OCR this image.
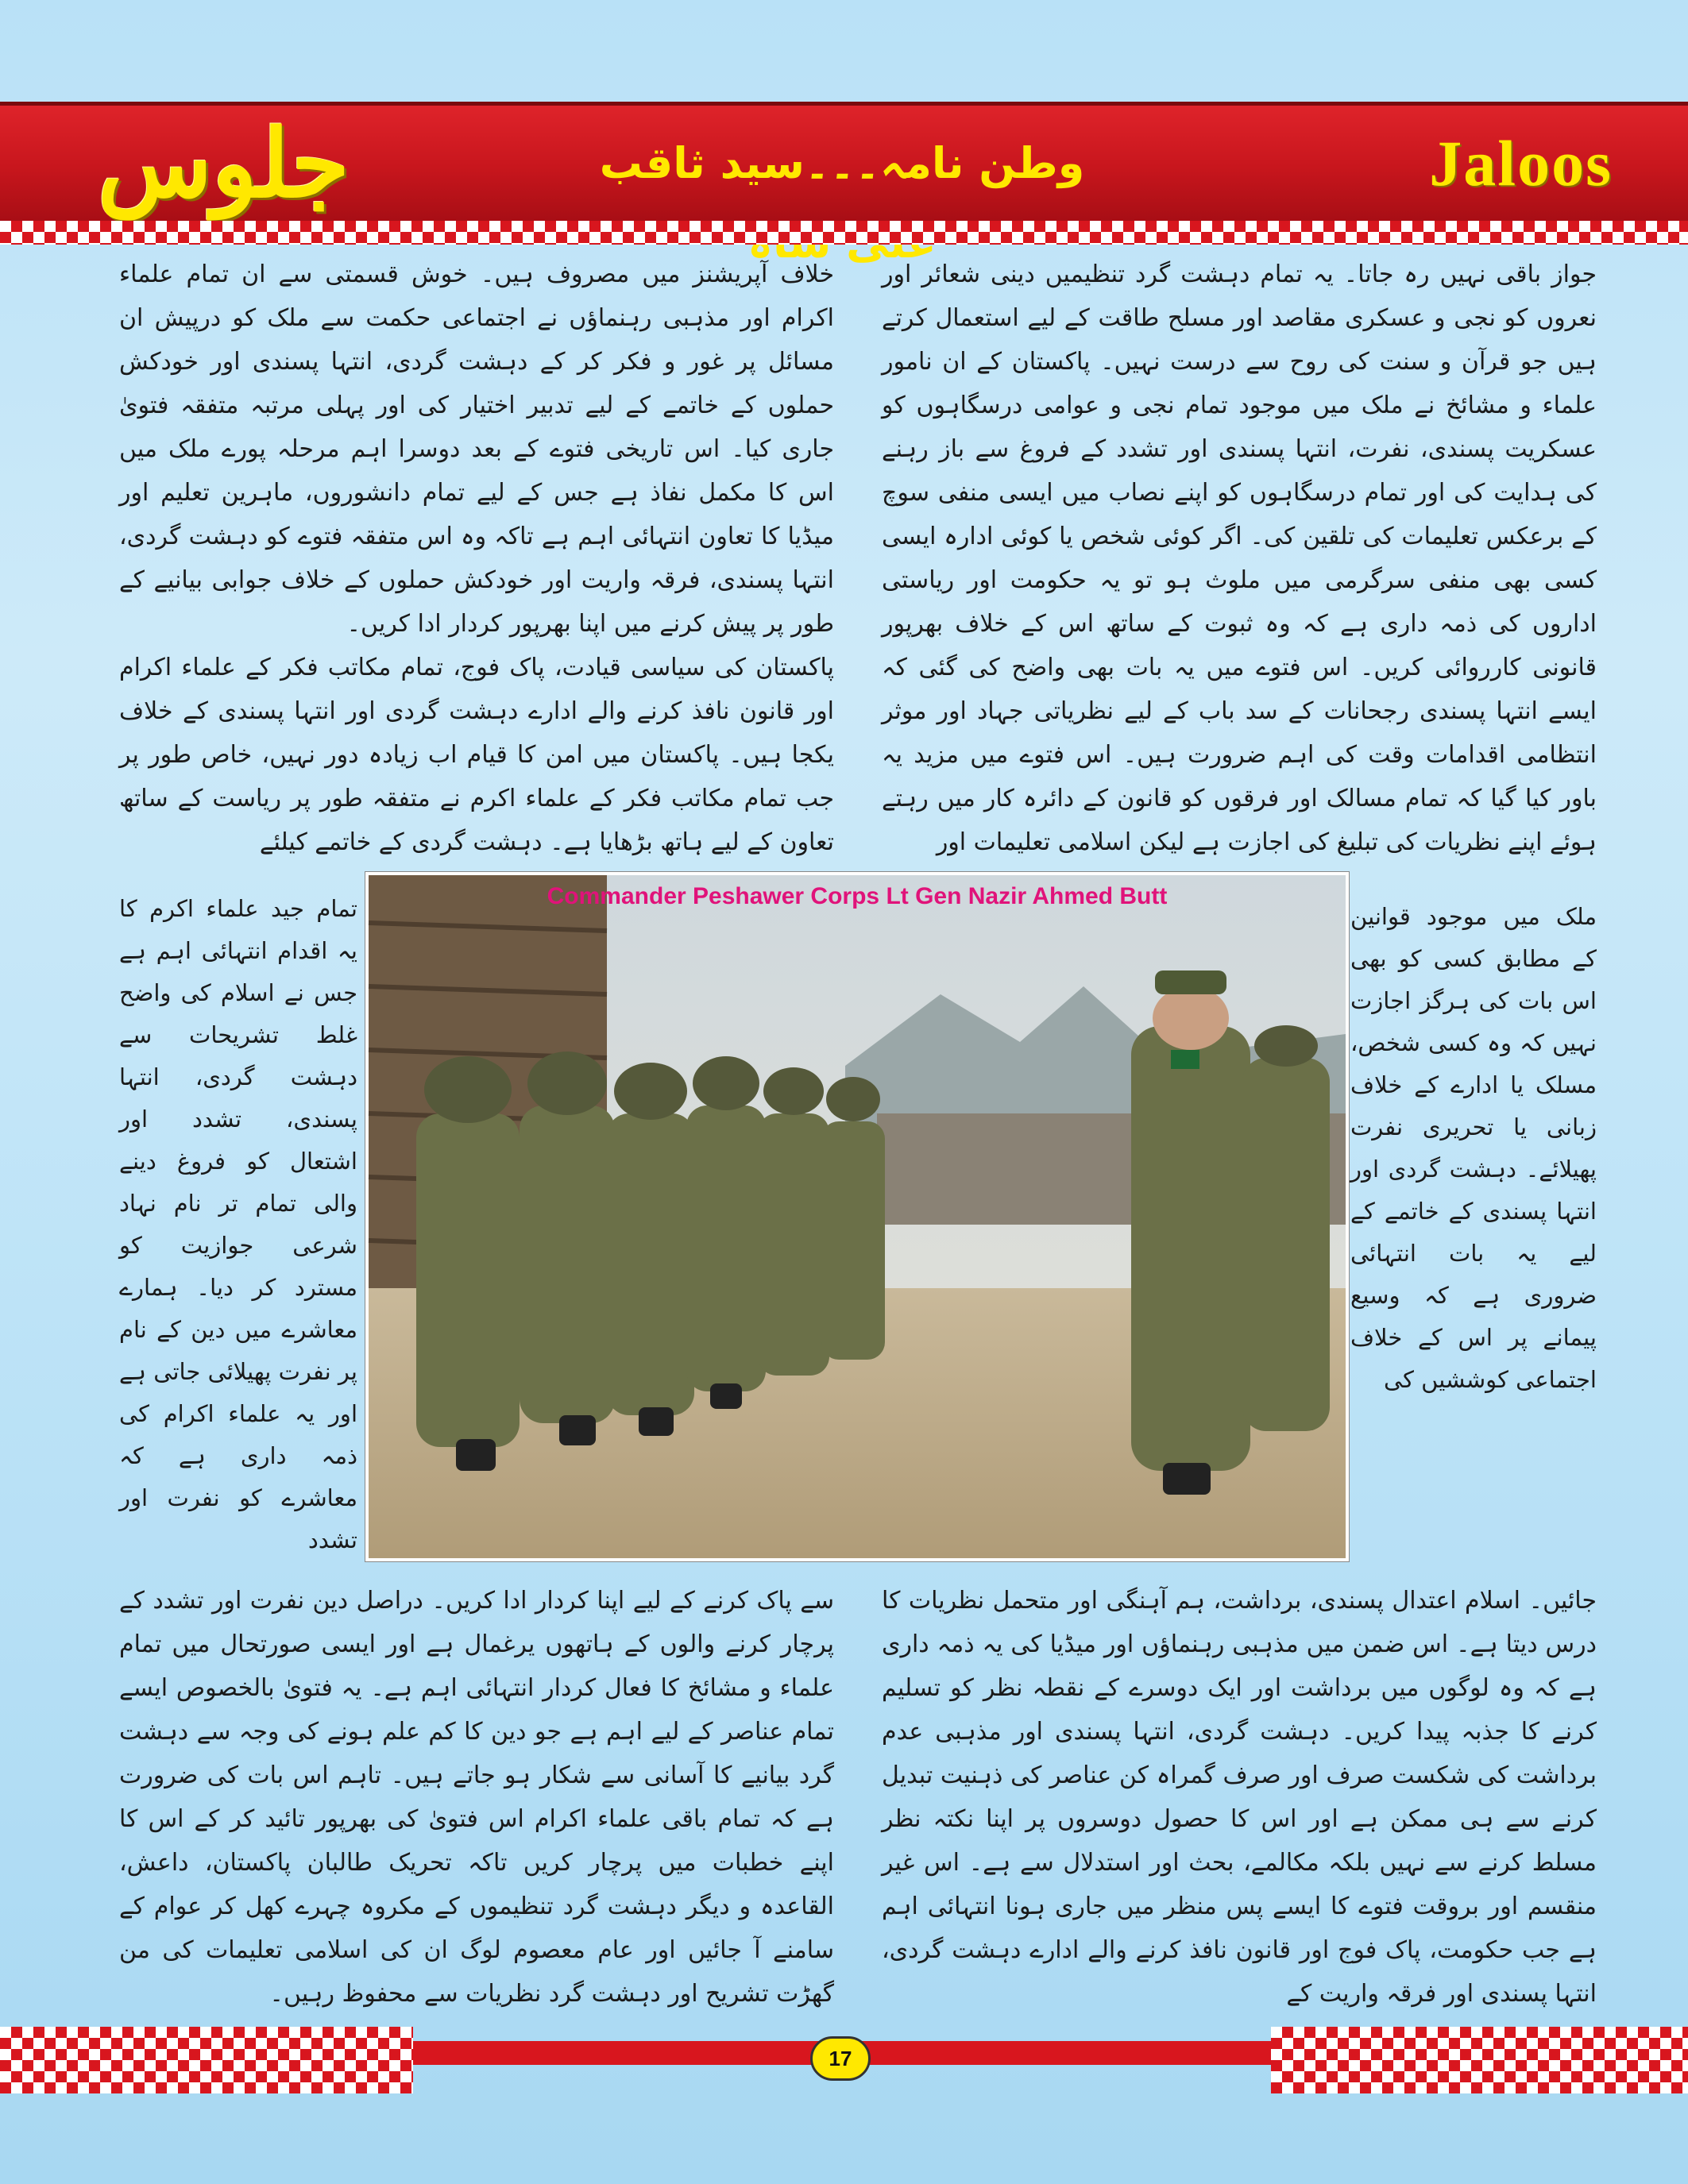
جلوس	وطن نامہ۔۔۔سید ثاقب	Jaloos

جواز باقی نہیں رہ جاتا۔ یہ تمام دہشت گرد تنظیمیں دینی شعائر اور نعروں کو نجی و عسکری مقاصد اور مسلح طاقت کے لیے استعمال کرتے ہیں جو قرآن و سنت کی روح سے درست نہیں۔ پاکستان کے ان نامور علماء و مشائخ نے ملک میں موجود تمام نجی و عوامی درسگاہوں کو عسکریت پسندی، نفرت، انتہا پسندی اور تشدد کے فروغ سے باز رہنے کی ہدایت کی اور تمام درسگاہوں کو اپنے نصاب میں ایسی منفی سوچ کے برعکس تعلیمات کی تلقین کی۔ اگر کوئی شخص یا کوئی ادارہ ایسی کسی بھی منفی سرگرمی میں ملوث ہو تو یہ حکومت اور ریاستی اداروں کی ذمہ داری ہے کہ وہ ثبوت کے ساتھ اس کے خلاف بھرپور قانونی کارروائی کریں۔ اس فتوے میں یہ بات بھی واضح کی گئی کہ ایسے انتہا پسندی رجحانات کے سد باب کے لیے نظریاتی جہاد اور موثر انتظامی اقدامات وقت کی اہم ضرورت ہیں۔ اس فتوے میں مزید یہ باور کیا گیا کہ تمام مسالک اور فرقوں کو قانون کے دائرہ کار میں رہتے ہوئے اپنے نظریات کی تبلیغ کی اجازت ہے لیکن اسلامی تعلیمات اور

خلاف آپریشنز میں مصروف ہیں۔ خوش قسمتی سے ان تمام علماء اکرام اور مذہبی رہنماؤں نے اجتماعی حکمت سے ملک کو درپیش ان مسائل پر غور و فکر کر کے دہشت گردی، انتہا پسندی اور خودکش حملوں کے خاتمے کے لیے تدبیر اختیار کی اور پہلی مرتبہ متفقہ فتویٰ جاری کیا۔ اس تاریخی فتوے کے بعد دوسرا اہم مرحلہ پورے ملک میں اس کا مکمل نفاذ ہے جس کے لیے تمام دانشوروں، ماہرین تعلیم اور میڈیا کا تعاون انتہائی اہم ہے تاکہ وہ اس متفقہ فتوے کو دہشت گردی، انتہا پسندی، فرقہ واریت اور خودکش حملوں کے خلاف جوابی بیانیے کے طور پر پیش کرنے میں اپنا بھرپور کردار ادا کریں۔

پاکستان کی سیاسی قیادت، پاک فوج، تمام مکاتب فکر کے علماء اکرام اور قانون نافذ کرنے والے ادارے دہشت گردی اور انتہا پسندی کے خلاف یکجا ہیں۔ پاکستان میں امن کا قیام اب زیادہ دور نہیں، خاص طور پر جب تمام مکاتب فکر کے علماء اکرم نے متفقہ طور پر ریاست کے ساتھ تعاون کے لیے ہاتھ بڑھایا ہے۔ دہشت گردی کے خاتمے کیلئے

Commander Peshawer Corps Lt Gen Nazir Ahmed Butt

ملک میں موجود قوانین کے مطابق کسی کو بھی اس بات کی ہرگز اجازت نہیں کہ وہ کسی شخص، مسلک یا ادارے کے خلاف زبانی یا تحریری نفرت پھیلائے۔ دہشت گردی اور انتہا پسندی کے خاتمے کے لیے یہ بات انتہائی ضروری ہے کہ وسیع پیمانے پر اس کے خلاف اجتماعی کوششیں کی

تمام جید علماء اکرم کا یہ اقدام انتہائی اہم ہے جس نے اسلام کی واضح غلط تشریحات سے دہشت گردی، انتہا پسندی، تشدد اور اشتعال کو فروغ دینے والی تمام تر نام نہاد شرعی جوازیت کو مسترد کر دیا۔ ہمارے معاشرے میں دین کے نام پر نفرت پھیلائی جاتی ہے اور یہ علماء اکرام کی ذمہ داری ہے کہ معاشرے کو نفرت اور تشدد

جائیں۔ اسلام اعتدال پسندی، برداشت، ہم آہنگی اور متحمل نظریات کا درس دیتا ہے۔ اس ضمن میں مذہبی رہنماؤں اور میڈیا کی یہ ذمہ داری ہے کہ وہ لوگوں میں برداشت اور ایک دوسرے کے نقطہ نظر کو تسلیم کرنے کا جذبہ پیدا کریں۔ دہشت گردی، انتہا پسندی اور مذہبی عدم برداشت کی شکست صرف اور صرف گمراہ کن عناصر کی ذہنیت تبدیل کرنے سے ہی ممکن ہے اور اس کا حصول دوسروں پر اپنا نکتہ نظر مسلط کرنے سے نہیں بلکہ مکالمے، بحث اور استدلال سے ہے۔ اس غیر منقسم اور بروقت فتوے کا ایسے پس منظر میں جاری ہونا انتہائی اہم ہے جب حکومت، پاک فوج اور قانون نافذ کرنے والے ادارے دہشت گردی، انتہا پسندی اور فرقہ واریت کے

سے پاک کرنے کے لیے اپنا کردار ادا کریں۔ دراصل دین نفرت اور تشدد کے پرچار کرنے والوں کے ہاتھوں یرغمال ہے اور ایسی صورتحال میں تمام علماء و مشائخ کا فعال کردار انتہائی اہم ہے۔ یہ فتویٰ بالخصوص ایسے تمام عناصر کے لیے اہم ہے جو دین کا کم علم ہونے کی وجہ سے دہشت گرد بیانیے کا آسانی سے شکار ہو جاتے ہیں۔ تاہم اس بات کی ضرورت ہے کہ تمام باقی علماء اکرام اس فتویٰ کی بھرپور تائید کر کے اس کا اپنے خطبات میں پرچار کریں تاکہ تحریک طالبان پاکستان، داعش، القاعدہ و دیگر دہشت گرد تنظیموں کے مکروہ چہرے کھل کر عوام کے سامنے آ جائیں اور عام معصوم لوگ ان کی اسلامی تعلیمات کی من گھڑت تشریح اور دہشت گرد نظریات سے محفوظ رہیں۔

17
